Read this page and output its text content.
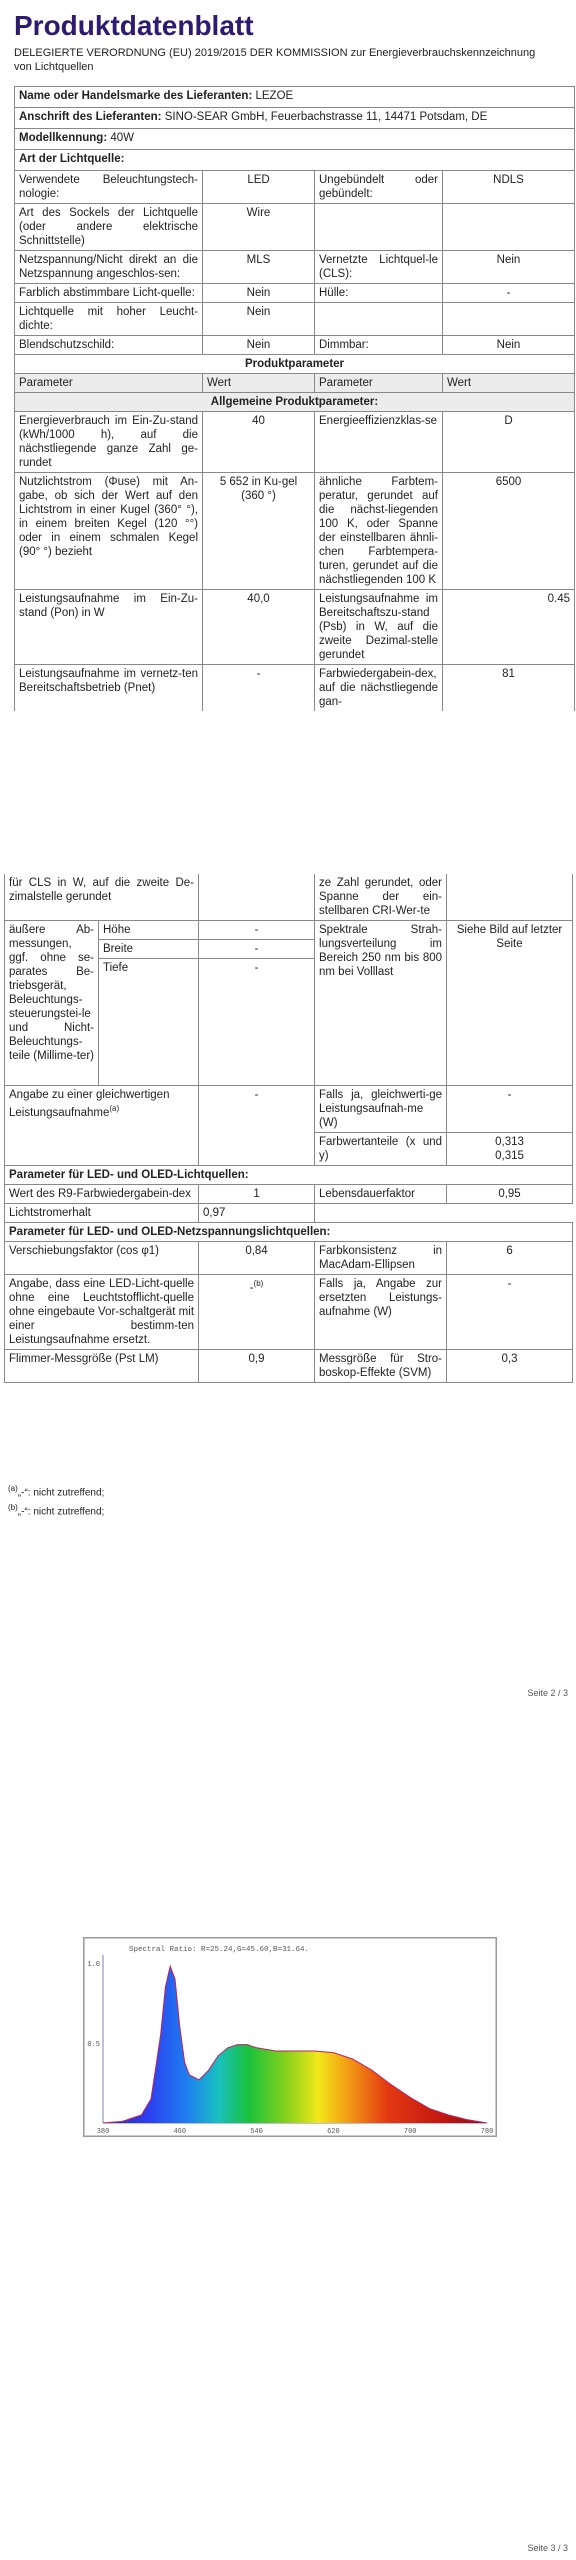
Produktdatenblatt
DELEGIERTE VERORDNUNG (EU) 2019/2015 DER KOMMISSION zur Energieverbrauchskennzeichnung von Lichtquellen
Name oder Handelsmarke des Lieferanten: LEZOE			
Anschrift des Lieferanten: SINO-SEAR GmbH, Feuerbachstrasse 11, 14471 Potsdam, DE			
Modellkennung: 40W			
Art der Lichtquelle:			
Verwendete Beleuchtungstech-nologie:	LED	Ungebündelt oder gebündelt:	NDLS
Art des Sockels der Lichtquelle (oder andere elektrische Schnittstelle)	Wire		
Netzspannung/Nicht direkt an die Netzspannung angeschlos-sen:	MLS	Vernetzte Lichtquel-le (CLS):	Nein
Farblich abstimmbare Licht-quelle:	Nein	Hülle:	-
Lichtquelle mit hoher Leucht-dichte:	Nein		
Blendschutzschild:	Nein	Dimmbar:	Nein
Produktparameter			
Parameter	Wert	Parameter	Wert
Allgemeine Produktparameter:			
Energieverbrauch im Ein-Zu-stand (kWh/1000 h), auf die nächstliegende ganze Zahl ge-rundet	40	Energieeffizienzklas-se	D
Nutzlichtstrom (Φuse) mit An-gabe, ob sich der Wert auf den Lichtstrom in einer Kugel (360° °), in einem breiten Kegel (120 °°) oder in einem schmalen Kegel (90° °) bezieht	5 652 in Ku-gel (360 °)	ähnliche Farbtem-peratur, gerundet auf die nächst-liegenden 100 K, oder Spanne der einstellbaren ähnli-chen Farbtempera-turen, gerundet auf die nächstliegenden 100 K	6500
Leistungsaufnahme im Ein-Zu-stand (Pon) in W	40,0	Leistungsaufnahme im Bereitschaftszu-stand (Psb) in W, auf die zweite Dezimal-stelle gerundet	0.45
Leistungsaufnahme im vernetz-ten Bereitschaftsbetrieb (Pnet)	-	Farbwiedergabein-dex, auf die nächstliegende gan-	81
für CLS in W, auf die zweite De-zimalstelle gerundet			ze Zahl gerundet, oder Spanne der ein-stellbaren CRI-Wer-te	
äußere Ab-messungen, ggf. ohne se-parates Be-triebsgerät, Beleuchtungs-steuerungstei-le und Nicht-Beleuchtungs-teile (Millime-ter)	Höhe	-	Spektrale Strah-lungsverteilung im Bereich 250 nm bis 800 nm bei Volllast	Siehe Bild auf letzter Seite
	Breite	-		
	Tiefe	-		
Angabe zu einer gleichwertigen Leistungsaufnahme$^{(a)}$		-	Falls ja, gleichwerti-ge Leistungsaufnah-me (W)	-
			Farbwertanteile (x und y)	0,313
0,315

Parameter für LED- und OLED-Lichtquellen:				
Wert des R9-Farbwiedergabein-dex		1	Lebensdauerfaktor	0,95
Lichtstromerhalt		0,97		
Parameter für LED- und OLED-Netzspannungslichtquellen:				
Verschiebungsfaktor (cos φ1)		0,84	Farbkonsistenz in MacAdam-Ellipsen	6
Angabe, dass eine LED-Licht-quelle ohne eine Leuchtstofflicht-quelle ohne eingebaute Vor-schaltgerät mit einer bestimm-ten Leistungsaufnahme ersetzt.		-$^{(b)}$	Falls ja, Angabe zur ersetzten Leistungs-aufnahme (W)	-
Flimmer-Messgröße (Pst LM)		0,9	Messgröße für Stro-boskop-Effekte (SVM)	0,3
$^{(a)}$„-“: nicht zutreffend;
$^{(b)}$„-“: nicht zutreffend;
Seite 2 / 3
Spectral Ratio: R=25.24,G=45.60,B=31.64.
380	460	540	620	700	780
1.0
0.5
Seite 3 / 3
